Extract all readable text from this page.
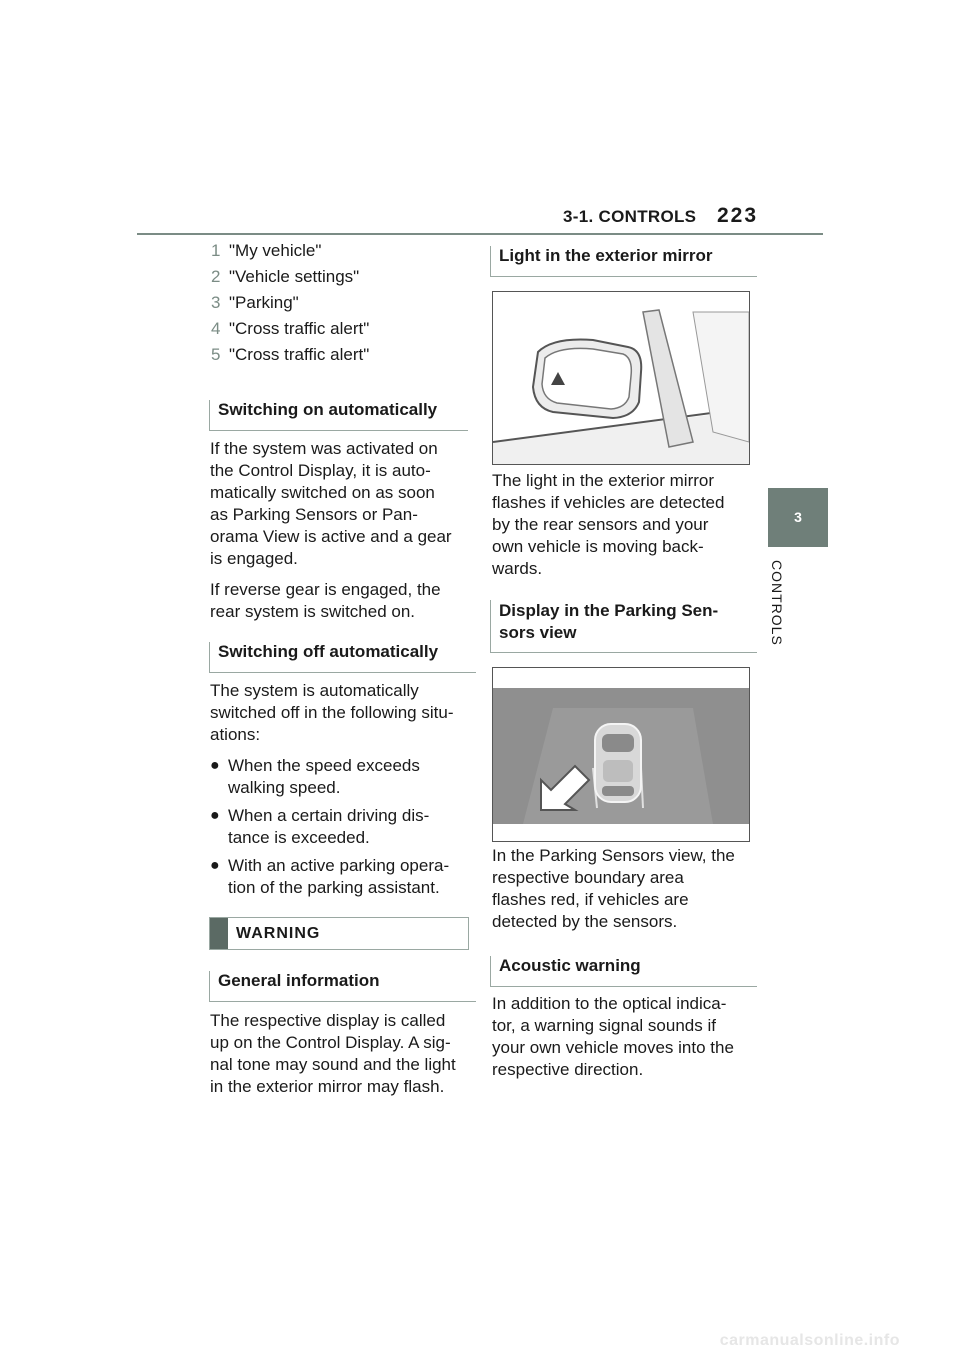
3-1. CONTROLS 223
3
CONTROLS
1 "My vehicle"
2 "Vehicle settings"
3 "Parking"
4 "Cross traffic alert"
5 "Cross traffic alert"
Switching on automatically

If the system was activated on

the Control Display, it is auto-

matically switched on as soon

as Parking Sensors or Pan-

orama View is active and a gear

is engaged.

If reverse gear is engaged, the

rear system is switched on.

Switching off automatically

The system is automatically

switched off in the following situ-

ations:

● When the speed exceeds

walking speed.

● When a certain driving dis-

tance is exceeded.

● With an active parking opera-

tion of the parking assistant.

WARNING
General information

The respective display is called

up on the Control Display. A sig-

nal tone may sound and the light

in the exterior mirror may flash.

Light in the exterior mirror

The light in the exterior mirror

flashes if vehicles are detected

by the rear sensors and your

own vehicle is moving back-

wards.

Display in the Parking Sen-
sors view

In the Parking Sensors view, the

respective boundary area

flashes red, if vehicles are

detected by the sensors.

Acoustic warning

In addition to the optical indica-

tor, a warning signal sounds if

your own vehicle moves into the

respective direction.

carmanualsonline.info
